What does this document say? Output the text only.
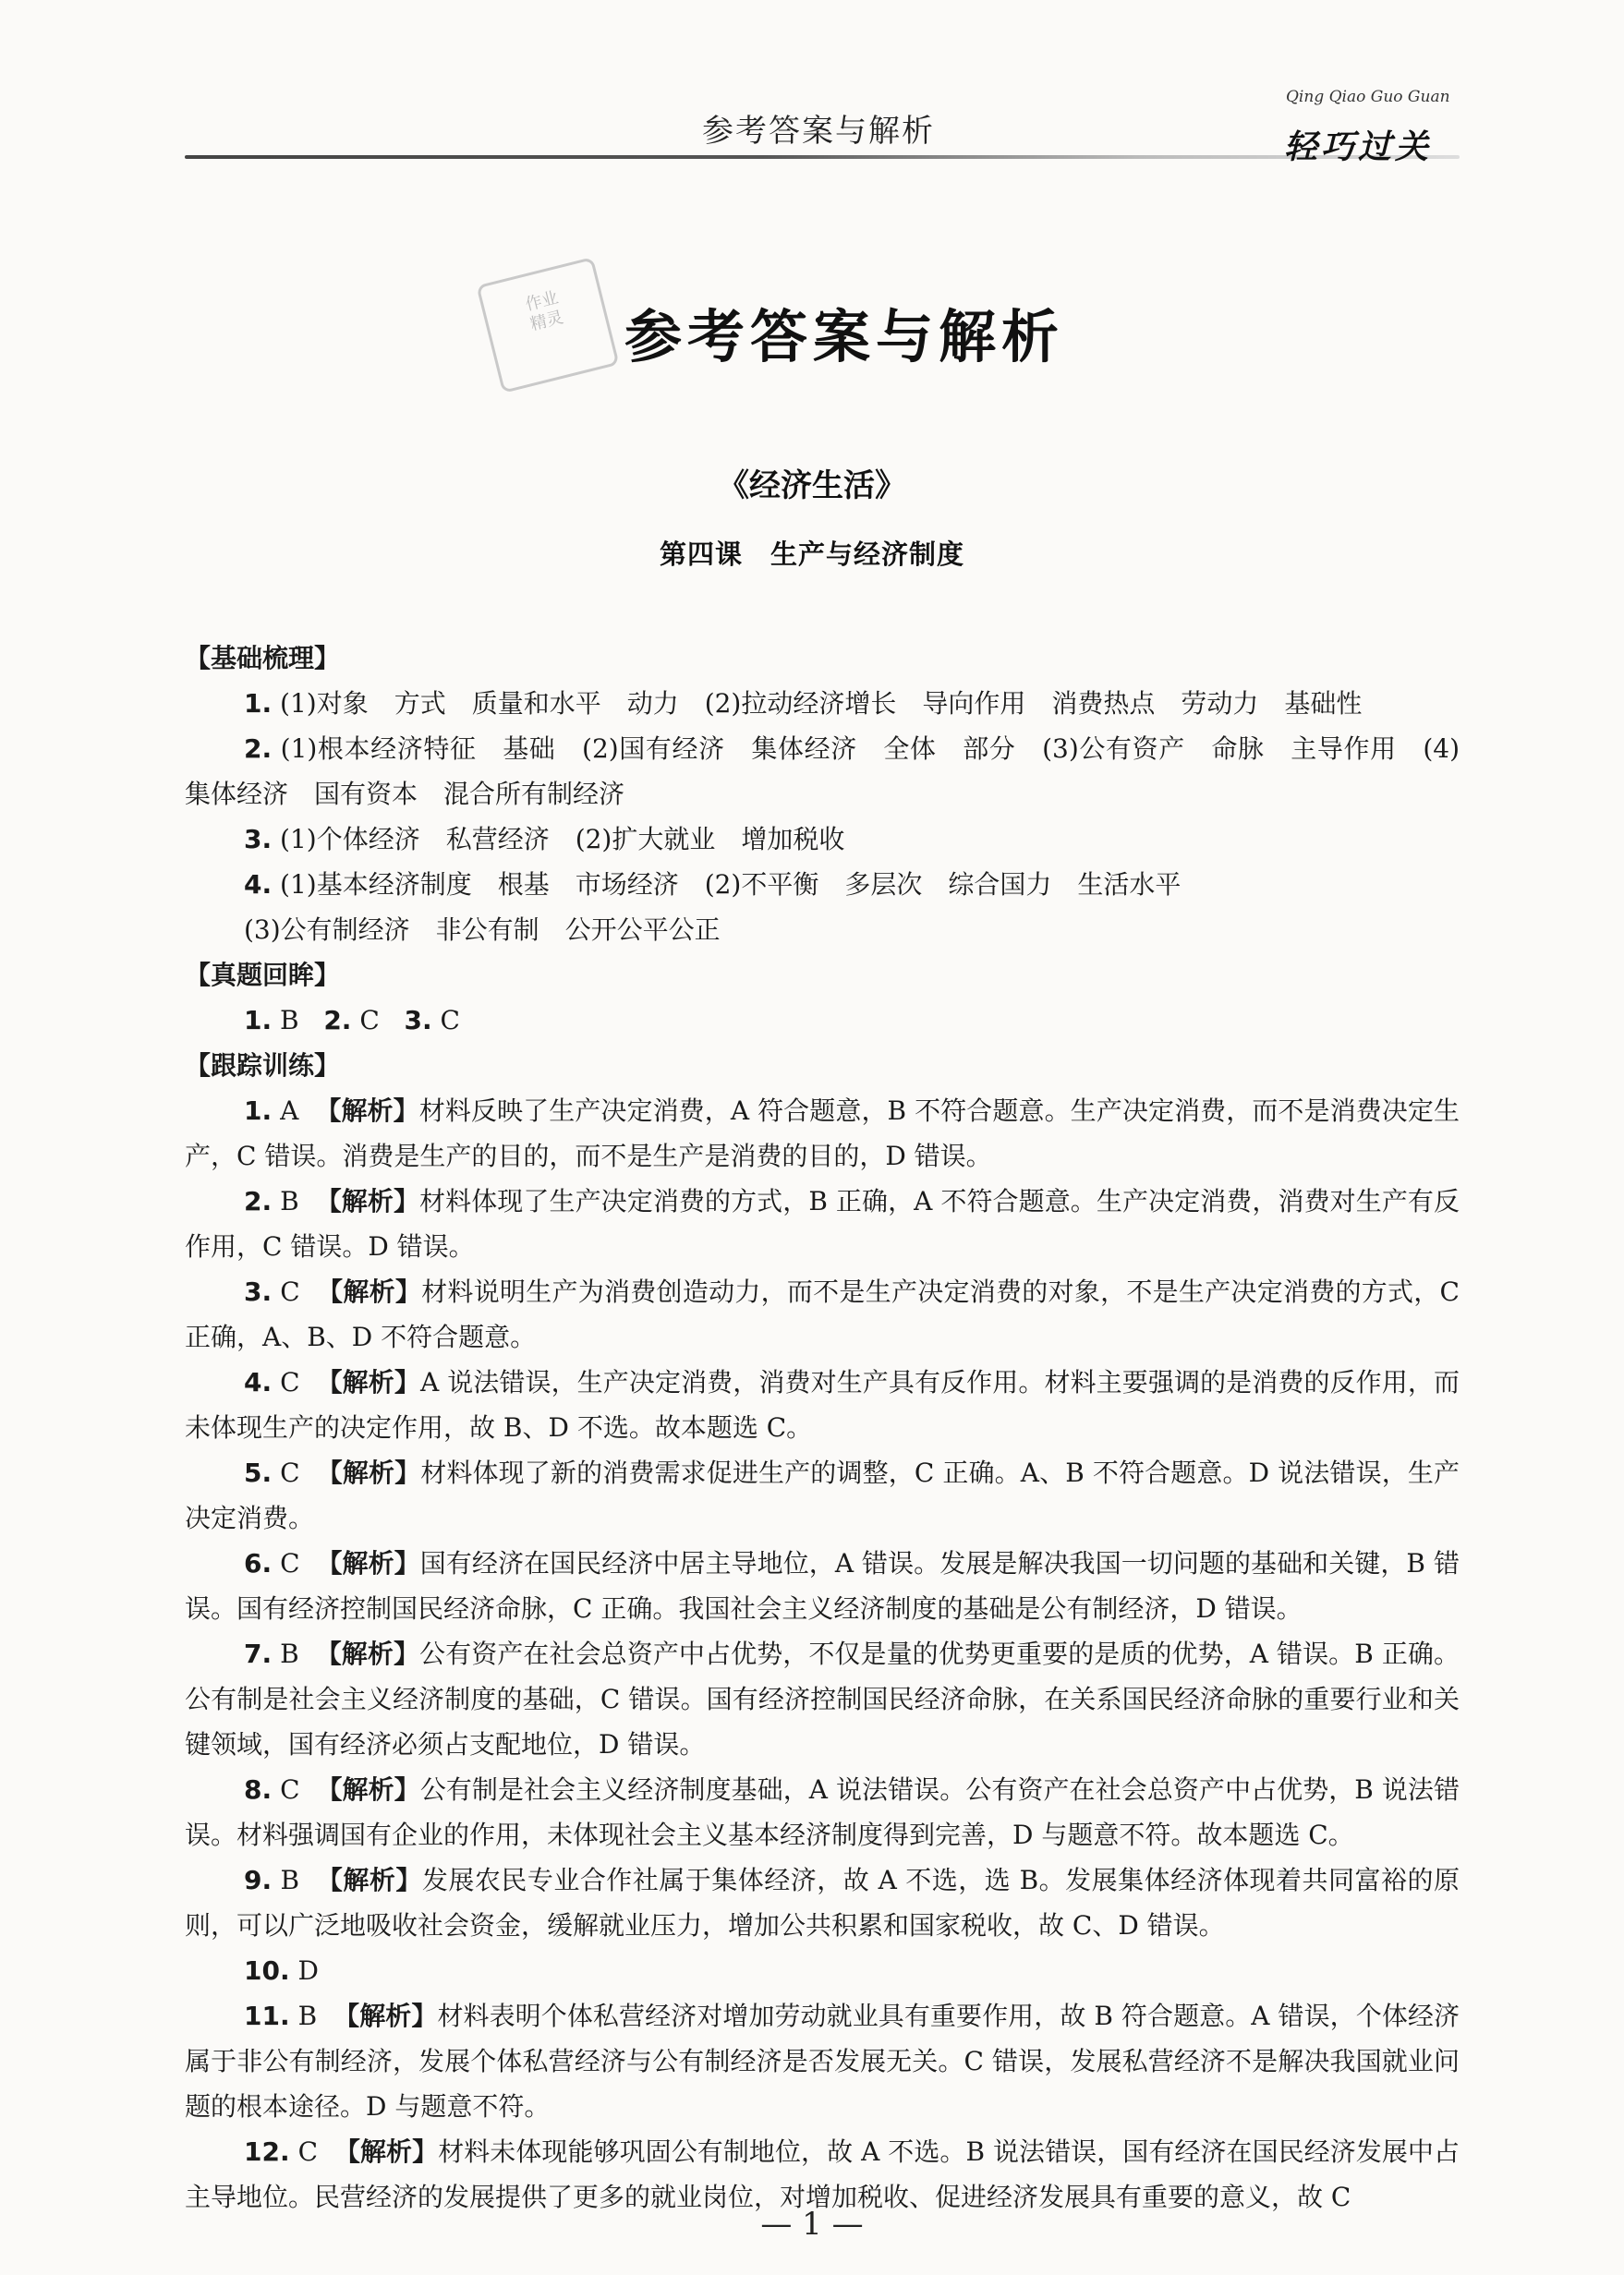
参考答案与解析
Qing Qiao Guo Guan
轻巧过关
作业
精灵	参考答案与解析
《经济生活》
第四课　生产与经济制度
【基础梳理】

1. (1)对象　方式　质量和水平　动力　(2)拉动经济增长　导向作用　消费热点　劳动力　基础性

2. (1)根本经济特征　基础　(2)国有经济　集体经济　全体　部分　(3)公有资产　命脉　主导作用　(4)集体经济　国有资本　混合所有制经济

3. (1)个体经济　私营经济　(2)扩大就业　增加税收

4. (1)基本经济制度　根基　市场经济　(2)不平衡　多层次　综合国力　生活水平

(3)公有制经济　非公有制　公开公平公正

【真题回眸】

1. B 2. C 3. C

【跟踪训练】

1. A 【解析】材料反映了生产决定消费，A 符合题意，B 不符合题意。生产决定消费，而不是消费决定生产，C 错误。消费是生产的目的，而不是生产是消费的目的，D 错误。

2. B 【解析】材料体现了生产决定消费的方式，B 正确，A 不符合题意。生产决定消费，消费对生产有反作用，C 错误。D 错误。

3. C 【解析】材料说明生产为消费创造动力，而不是生产决定消费的对象，不是生产决定消费的方式，C 正确，A、B、D 不符合题意。

4. C 【解析】A 说法错误，生产决定消费，消费对生产具有反作用。材料主要强调的是消费的反作用，而未体现生产的决定作用，故 B、D 不选。故本题选 C。

5. C 【解析】材料体现了新的消费需求促进生产的调整，C 正确。A、B 不符合题意。D 说法错误，生产决定消费。

6. C 【解析】国有经济在国民经济中居主导地位，A 错误。发展是解决我国一切问题的基础和关键，B 错误。国有经济控制国民经济命脉，C 正确。我国社会主义经济制度的基础是公有制经济，D 错误。

7. B 【解析】公有资产在社会总资产中占优势，不仅是量的优势更重要的是质的优势，A 错误。B 正确。公有制是社会主义经济制度的基础，C 错误。国有经济控制国民经济命脉，在关系国民经济命脉的重要行业和关键领域，国有经济必须占支配地位，D 错误。

8. C 【解析】公有制是社会主义经济制度基础，A 说法错误。公有资产在社会总资产中占优势，B 说法错误。材料强调国有企业的作用，未体现社会主义基本经济制度得到完善，D 与题意不符。故本题选 C。

9. B 【解析】发展农民专业合作社属于集体经济，故 A 不选，选 B。发展集体经济体现着共同富裕的原则，可以广泛地吸收社会资金，缓解就业压力，增加公共积累和国家税收，故 C、D 错误。

10. D

11. B 【解析】材料表明个体私营经济对增加劳动就业具有重要作用，故 B 符合题意。A 错误，个体经济属于非公有制经济，发展个体私营经济与公有制经济是否发展无关。C 错误，发展私营经济不是解决我国就业问题的根本途径。D 与题意不符。

12. C 【解析】材料未体现能够巩固公有制地位，故 A 不选。B 说法错误，国有经济在国民经济发展中占主导地位。民营经济的发展提供了更多的就业岗位，对增加税收、促进经济发展具有重要的意义，故 C

— 1 —
